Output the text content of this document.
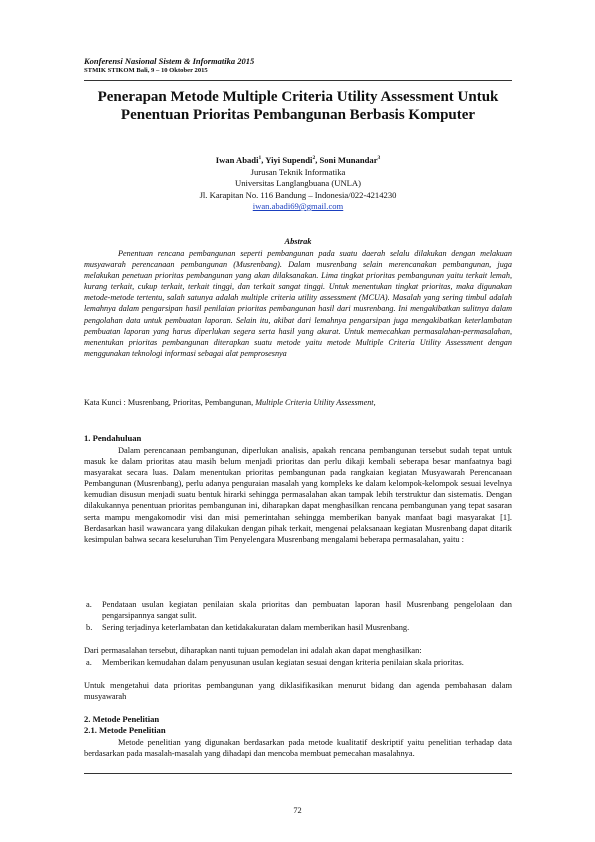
Konferensi Nasional Sistem & Informatika 2015
STMIK STIKOM Bali, 9 – 10 Oktober 2015
Penerapan Metode Multiple Criteria Utility Assessment Untuk Penentuan Prioritas Pembangunan Berbasis Komputer
Iwan Abadi$^1$, Yiyi Supendi$^2$, Soni Munandar$^3$
Jurusan Teknik Informatika
Universitas Langlangbuana (UNLA)
Jl. Karapitan No. 116 Bandung – Indonesia/022-4214230
iwan.abadi69@gmail.com
Abstrak

Penentuan rencana pembangunan seperti pembangunan pada suatu daerah selalu dilakukan dengan melakuan musyawarah perencanaan pembangunan (Musrenbang). Dalam musrenbang selain merencanakan pembangunan, juga melakukan penetuan prioritas pembangunan yang akan dilaksanakan. Lima tingkat prioritas pembangunan yaitu terkait lemah, kurang terkait, cukup terkait, terkait tinggi, dan terkait sangat tinggi. Untuk menentukan tingkat prioritas, maka digunakan metode-metode tertentu, salah satunya adalah multiple criteria utility assessment (MCUA). Masalah yang sering timbul adalah lemahnya dalam pengarsipan hasil penilaian prioritas pembangunan hasil dari musrenbang. Ini mengakibatkan sulitnya dalam pengolahan data untuk pembuatan laporan. Selain itu, akibat dari lemahnya pengarsipan juga mengakibatkan keterlambatan pembuatan laporan yang harus diperlukan segera serta hasil yang akurat. Untuk memecahkan permasalahan-permasalahan, menentukan prioritas pembangunan diterapkan suatu metode yaitu metode Multiple Criteria Utility Assessment dengan menggunakan teknologi informasi sebagai alat pemprosesnya

Kata Kunci : Musrenbang, Prioritas, Pembangunan, Multiple Criteria Utility Assessment,
1. Pendahuluan

Dalam perencanaan pembangunan, diperlukan analisis, apakah rencana pembangunan tersebut sudah tepat untuk masuk ke dalam prioritas atau masih belum menjadi prioritas dan perlu dikaji kembali seberapa besar manfaatnya bagi masyarakat secara luas. Dalam menentukan prioritas pembangunan pada rangkaian kegiatan Musyawarah Perencanaan Pembangunan (Musrenbang), perlu adanya penguraian masalah yang kompleks ke dalam kelompok-kelompok sesuai levelnya kemudian disusun menjadi suatu bentuk hirarki sehingga permasalahan akan tampak lebih terstruktur dan sistematis. Dengan dilakukannya penentuan prioritas pembangunan ini, diharapkan dapat menghasilkan rencana pembangunan yang tepat sasaran serta mampu mengakomodir visi dan misi pemerintahan sehingga memberikan banyak manfaat bagi masyarakat [1]. Berdasarkan hasil wawancara yang dilakukan dengan pihak terkait, mengenai pelaksanaan kegiatan Musrenbang dapat ditarik kesimpulan bahwa secara keseluruhan Tim Penyelengara Musrenbang mengalami beberapa permasalahan, yaitu :

a. Pendataan usulan kegiatan penilaian skala prioritas dan pembuatan laporan hasil Musrenbang pengelolaan dan pengarsipannya sangat sulit.
b. Sering terjadinya keterlambatan dan ketidakakuratan dalam memberikan hasil Musrenbang.

Dari permasalahan tersebut, diharapkan nanti tujuan pemodelan ini adalah akan dapat menghasilkan:

a. Memberikan kemudahan dalam penyusunan usulan kegiatan sesuai dengan kriteria penilaian skala prioritas.

Untuk mengetahui data prioritas pembangunan yang diklasifikasikan menurut bidang dan agenda pembahasan dalam musyawarah

2. Metode Penelitian
2.1. Metode Penelitian

Metode penelitian yang digunakan berdasarkan pada metode kualitatif deskriptif yaitu penelitian terhadap data berdasarkan pada masalah-masalah yang dihadapi dan mencoba membuat pemecahan masalahnya.

72
